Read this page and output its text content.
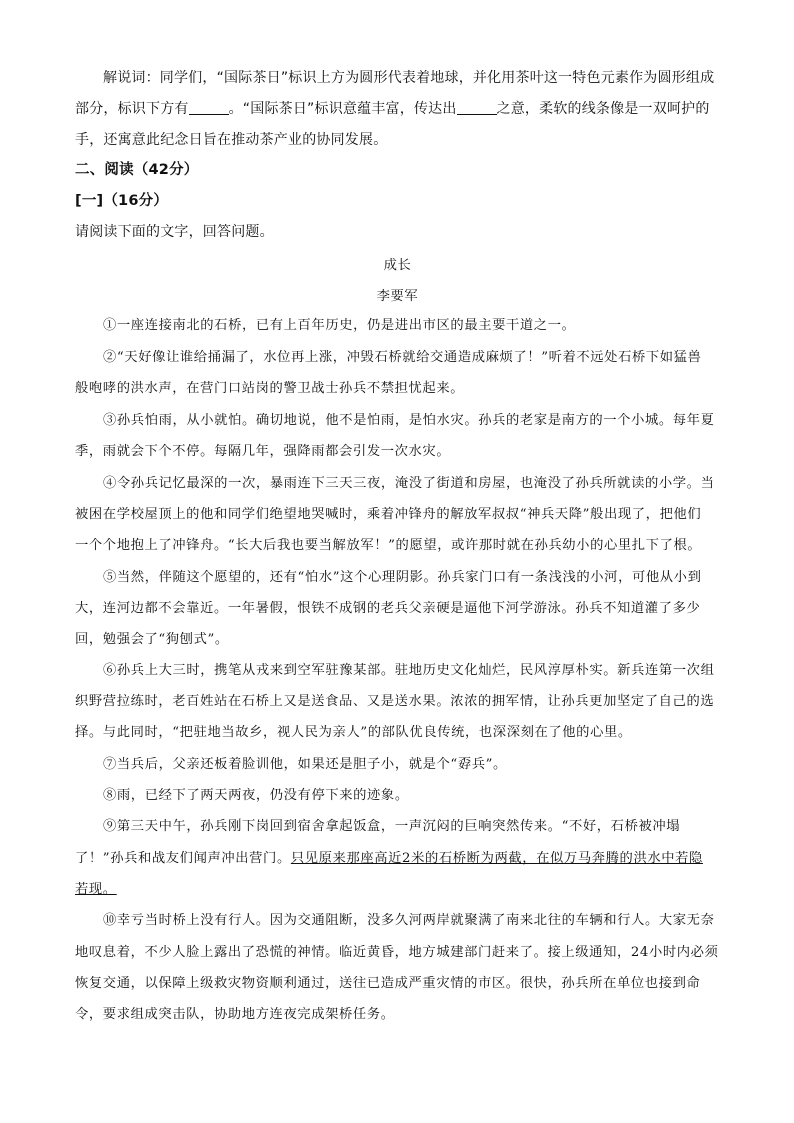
解说词：同学们，“国际茶日”标识上方为圆形代表着地球，并化用茶叶这一特色元素作为圆形组成
部分，标识下方有	。“国际茶日”标识意蕴丰富，传达出	之意，柔软的线条像是一双呵护的
手，还寓意此纪念日旨在推动茶产业的协同发展。
二、阅读（42分）
[一]（16分）
请阅读下面的文字，回答问题。
成长
李要军
①一座连接南北的石桥，已有上百年历史，仍是进出市区的最主要干道之一。
②“天好像让谁给捅漏了，水位再上涨，冲毁石桥就给交通造成麻烦了！”听着不远处石桥下如猛兽
般咆哮的洪水声，在营门口站岗的警卫战士孙兵不禁担忧起来。
③孙兵怕雨，从小就怕。确切地说，他不是怕雨，是怕水灾。孙兵的老家是南方的一个小城。每年夏
季，雨就会下个不停。每隔几年，强降雨都会引发一次水灾。
④令孙兵记忆最深的一次，暴雨连下三天三夜，淹没了街道和房屋，也淹没了孙兵所就读的小学。当
被困在学校屋顶上的他和同学们绝望地哭喊时，乘着冲锋舟的解放军叔叔“神兵天降”般出现了，把他们
一个个地抱上了冲锋舟。“长大后我也要当解放军！”的愿望，或许那时就在孙兵幼小的心里扎下了根。
⑤当然，伴随这个愿望的，还有“怕水”这个心理阴影。孙兵家门口有一条浅浅的小河，可他从小到
大，连河边都不会靠近。一年暑假，恨铁不成钢的老兵父亲硬是逼他下河学游泳。孙兵不知道灌了多少
回，勉强会了“狗刨式”。
⑥孙兵上大三时，携笔从戎来到空军驻豫某部。驻地历史文化灿烂，民风淳厚朴实。新兵连第一次组
织野营拉练时，老百姓站在石桥上又是送食品、又是送水果。浓浓的拥军情，让孙兵更加坚定了自己的选
择。与此同时，“把驻地当故乡，视人民为亲人”的部队优良传统，也深深刻在了他的心里。
⑦当兵后，父亲还板着脸训他，如果还是胆子小，就是个“孬兵”。
⑧雨，已经下了两天两夜，仍没有停下来的迹象。
⑨第三天中午，孙兵刚下岗回到宿舍拿起饭盒，一声沉闷的巨响突然传来。“不好，石桥被冲塌
了！”孙兵和战友们闻声冲出营门。只见原来那座高近2米的石桥断为两截，在似万马奔腾的洪水中若隐
若现。
⑩幸亏当时桥上没有行人。因为交通阻断，没多久河两岸就聚满了南来北往的车辆和行人。大家无奈
地叹息着，不少人脸上露出了恐慌的神情。临近黄昏，地方城建部门赶来了。接上级通知，24小时内必须
恢复交通，以保障上级救灾物资顺利通过，送往已造成严重灾情的市区。很快，孙兵所在单位也接到命
令，要求组成突击队，协助地方连夜完成架桥任务。
